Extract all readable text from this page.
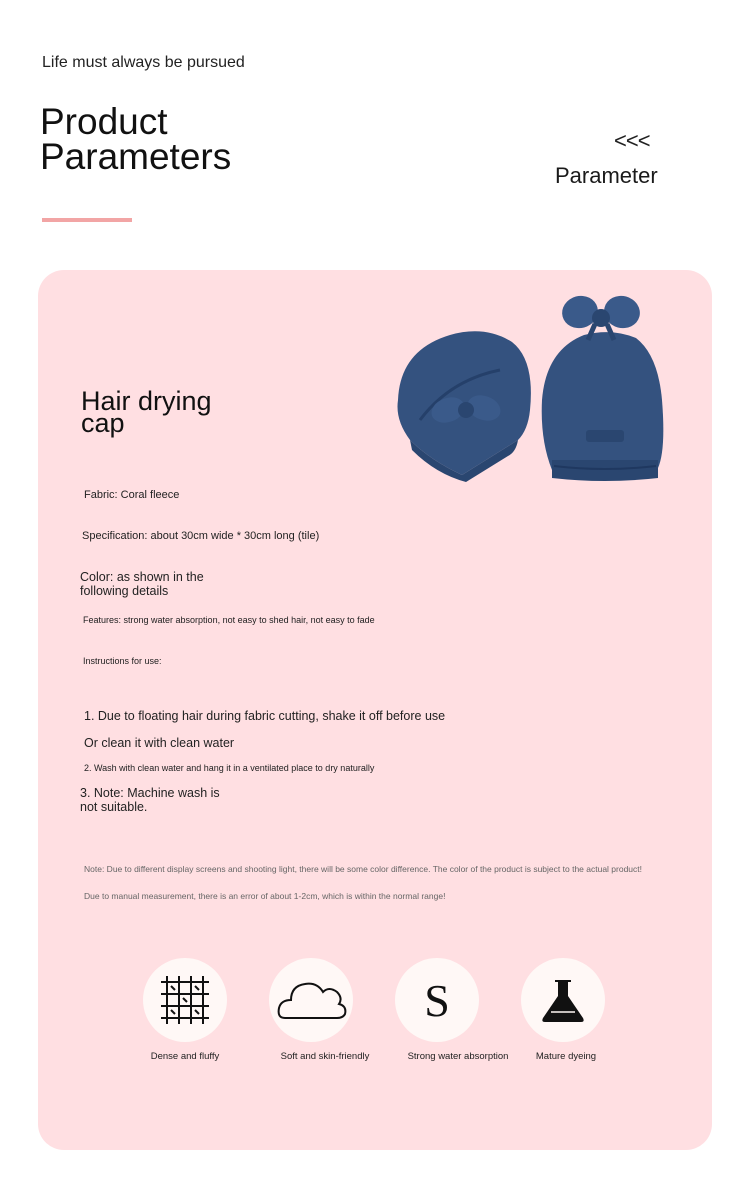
Life must always be pursued
Product
Parameters	<<<
Parameter
Hair drying
cap
Fabric: Coral fleece
Specification: about 30cm wide * 30cm long (tile)
Color: as shown in the
following details
Features: strong water absorption, not easy to shed hair, not easy to fade
Instructions for use:
1. Due to floating hair during fabric cutting, shake it off before use
Or clean it with clean water
2. Wash with clean water and hang it in a ventilated place to dry naturally
3. Note: Machine wash is
not suitable.
Note: Due to different display screens and shooting light, there will be some color difference. The color of the product is subject to the actual product!
Due to manual measurement, there is an error of about 1-2cm, which is within the normal range!
S
Dense and fluffy	Soft and skin-friendly	Strong water absorption	Mature dyeing
